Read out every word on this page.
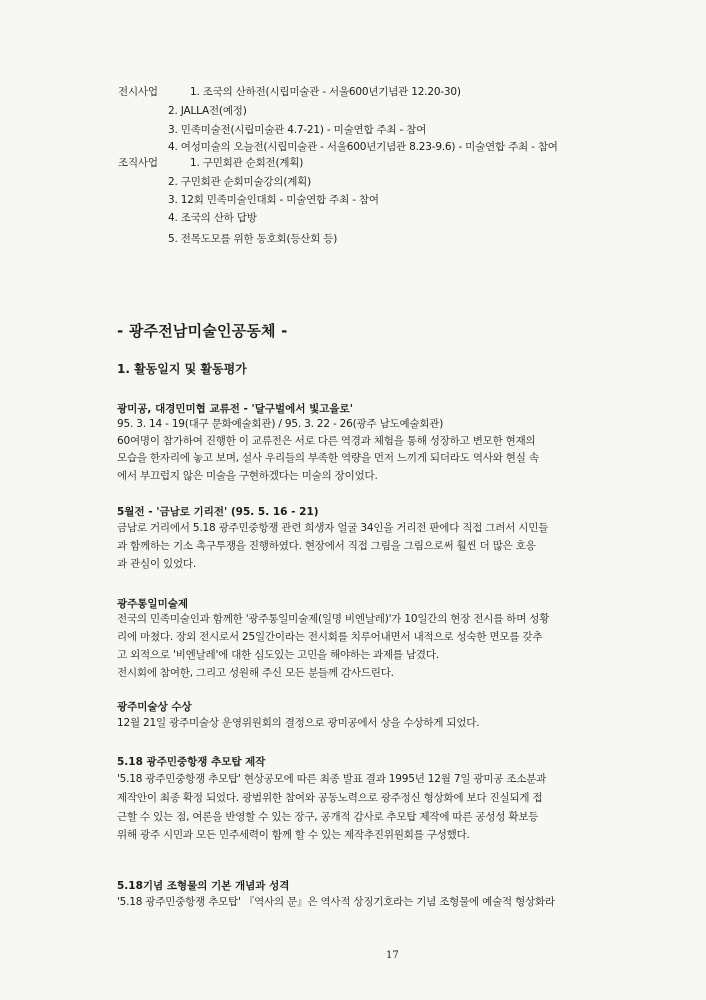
전시사업	1. 조국의 산하전(시립미술관 - 서울600년기념관 12.20-30)
2. JALLA전(예정)
3. 민족미술전(시립미술관 4.7-21) - 미술연합 주최 - 참여
4. 여성미술의 오늘전(시립미술관 - 서울600년기념관 8.23-9.6) - 미술연합 주최 - 참여
조직사업	1. 구민회관 순회전(계획)
2. 구민회관 순회미술강의(계획)
3. 12회 민족미술인대회 - 미술연합 주최 - 참여
4. 조국의 산하 답방
5. 전목도모를 위한 동호회(등산회 등)
- 광주전남미술인공동체 -
1. 활동일지 및 활동평가
광미공, 대경민미협 교류전 - '달구벌에서 빛고을로'
95. 3. 14 - 19(대구 문화예술회관) / 95. 3. 22 - 26(광주 남도예술회관)
60여명이 참가하여 진행한 이 교류전은 서로 다른 역경과 체험을 통해 성장하고 변모한 현재의
모습을 한자리에 놓고 보며, 설사 우리들의 부족한 역량을 먼저 느끼게 되더라도 역사와 현실 속
에서 부끄럽지 않은 미술을 구현하겠다는 미술의 장이었다.
5월전 - '금남로 기리전' (95. 5. 16 - 21)
금남로 거리에서 5.18 광주민중항쟁 관련 희생자 얼굴 34인을 거리전 판에다 직접 그려서 시민들
과 함께하는 기소 촉구투쟁을 진행하였다. 현장에서 직접 그림을 그림으로써 훨씬 더 많은 호응
과 관심이 있었다.
광주통일미술제
전국의 민족미술인과 함께한 '광주통일미술제(일명 비엔날레)'가 10일간의 현장 전시를 하며 성황
리에 마쳤다. 장외 전시로서 25일간이라는 전시회를 치루어내면서 내적으로 성숙한 면모를 갖추
고 외적으로 '비엔날레'에 대한 심도있는 고민을 해야하는 과제를 남겼다.
전시회에 참여한, 그리고 성원해 주신 모든 분들께 감사드린다.
광주미술상 수상
12월 21일 광주미술상 운영위원회의 결정으로 광미공에서 상을 수상하게 되었다.
5.18 광주민중항쟁 추모탑 제작
'5.18 광주민중항쟁 추모탑' 현상공모에 따른 최종 발표 결과 1995년 12월 7일 광미공 조소분과
제작안이 최종 확정 되었다. 광범위한 참여와 공동노력으로 광주정신 형상화에 보다 진실되게 접
근할 수 있는 점, 여론을 반영할 수 있는 장구, 공개적 감사로 추모탑 제작에 따른 공성성 확보등
위해 광주 시민과 모든 민주세력이 함께 할 수 있는 제작추진위원회를 구성했다.
5.18기념 조형물의 기본 개념과 성격
'5.18 광주민중항쟁 추모탑' 『역사의 문』은 역사적 상징기호라는 기념 조형물에 예술적 형상화라
17
